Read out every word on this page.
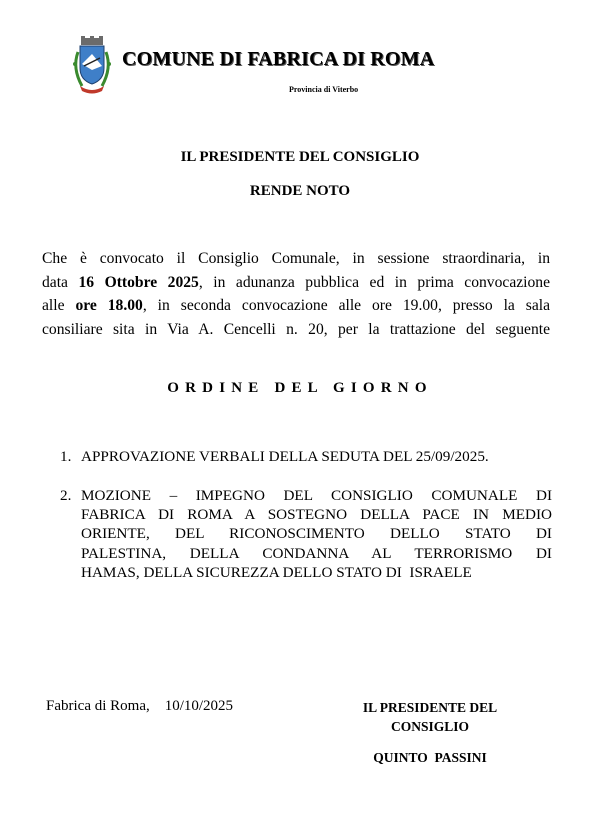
COMUNE DI FABRICA DI ROMA
Provincia di Viterbo
IL PRESIDENTE DEL CONSIGLIO
RENDE NOTO
Che è convocato il Consiglio Comunale, in sessione straordinaria, in
data 16 Ottobre 2025, in adunanza pubblica ed in prima convocazione
alle ore 18.00, in seconda convocazione alle ore 19.00, presso la sala
consiliare sita in Via A. Cencelli n. 20, per la trattazione del seguente
ORDINE DEL GIORNO
1. APPROVAZIONE VERBALI DELLA SEDUTA DEL 25/09/2025.
2. MOZIONE – IMPEGNO DEL CONSIGLIO COMUNALE DI
FABRICA DI ROMA A SOSTEGNO DELLA PACE IN MEDIO
ORIENTE, DEL RICONOSCIMENTO DELLO STATO DI
PALESTINA, DELLA CONDANNA AL TERRORISMO DI
HAMAS, DELLA SICUREZZA DELLO STATO DI  ISRAELE
Fabrica di Roma,    10/10/2025	IL PRESIDENTE DEL
CONSIGLIO
QUINTO  PASSINI
